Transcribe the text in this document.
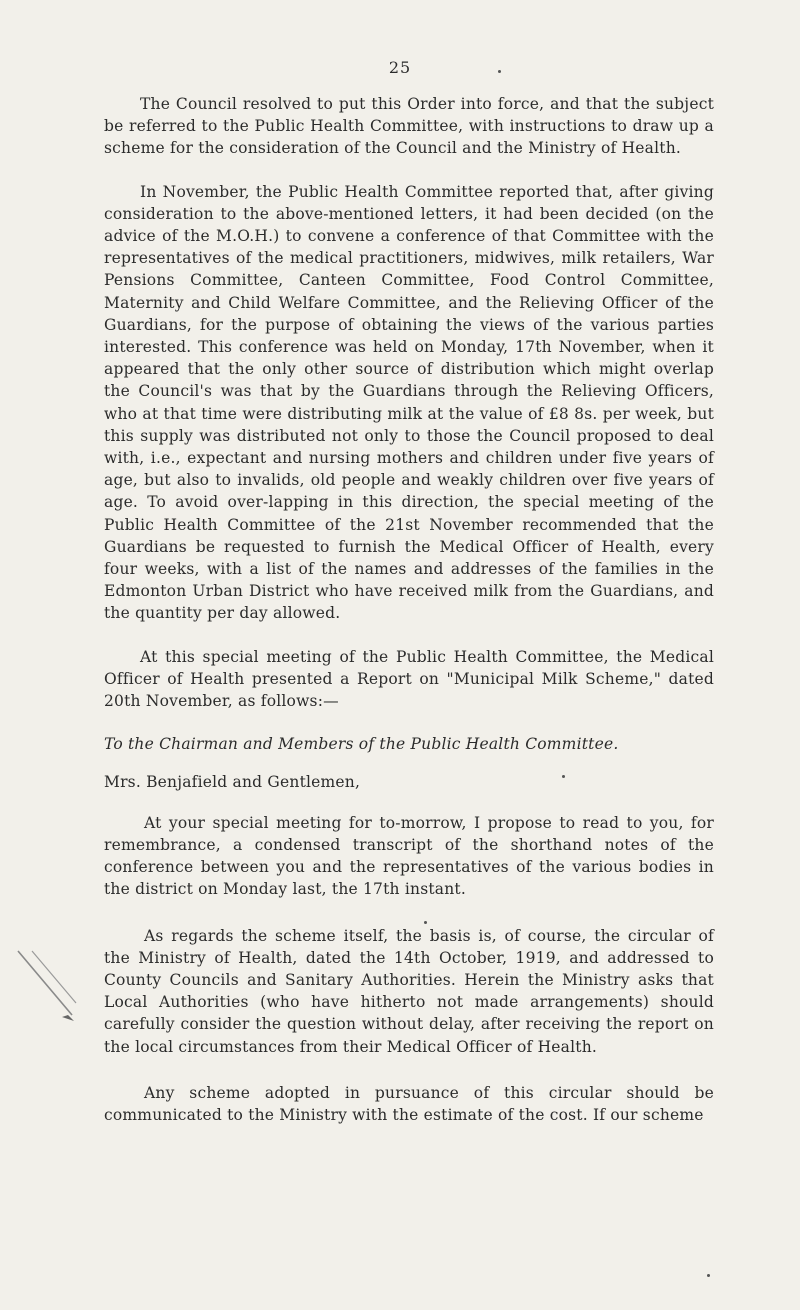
25

The Council resolved to put this Order into force, and that the subject be referred to the Public Health Committee, with instructions to draw up a scheme for the consideration of the Council and the Ministry of Health.

In November, the Public Health Committee reported that, after giving consideration to the above-mentioned letters, it had been decided (on the advice of the M.O.H.) to convene a conference of that Committee with the representatives of the medical practitioners, midwives, milk retailers, War Pensions Committee, Canteen Committee, Food Control Committee, Maternity and Child Welfare Committee, and the Relieving Officer of the Guardians, for the purpose of obtaining the views of the various parties interested. This conference was held on Monday, 17th November, when it appeared that the only other source of distribution which might overlap the Council's was that by the Guardians through the Relieving Officers, who at that time were distributing milk at the value of £8 8s. per week, but this supply was distributed not only to those the Council proposed to deal with, i.e., expectant and nursing mothers and children under five years of age, but also to invalids, old people and weakly children over five years of age. To avoid over-lapping in this direction, the special meeting of the Public Health Committee of the 21st November recommended that the Guardians be requested to furnish the Medical Officer of Health, every four weeks, with a list of the names and addresses of the families in the Edmonton Urban District who have received milk from the Guardians, and the quantity per day allowed.

At this special meeting of the Public Health Committee, the Medical Officer of Health presented a Report on "Municipal Milk Scheme," dated 20th November, as follows:—

To the Chairman and Members of the Public Health Committee.

Mrs. Benjafield and Gentlemen,

At your special meeting for to-morrow, I propose to read to you, for remembrance, a condensed transcript of the shorthand notes of the conference between you and the representatives of the various bodies in the district on Monday last, the 17th instant.

As regards the scheme itself, the basis is, of course, the circular of the Ministry of Health, dated the 14th October, 1919, and addressed to County Councils and Sanitary Authorities. Herein the Ministry asks that Local Authorities (who have hitherto not made arrangements) should carefully consider the question without delay, after receiving the report on the local circumstances from their Medical Officer of Health.

Any scheme adopted in pursuance of this circular should be communicated to the Ministry with the estimate of the cost. If our scheme
